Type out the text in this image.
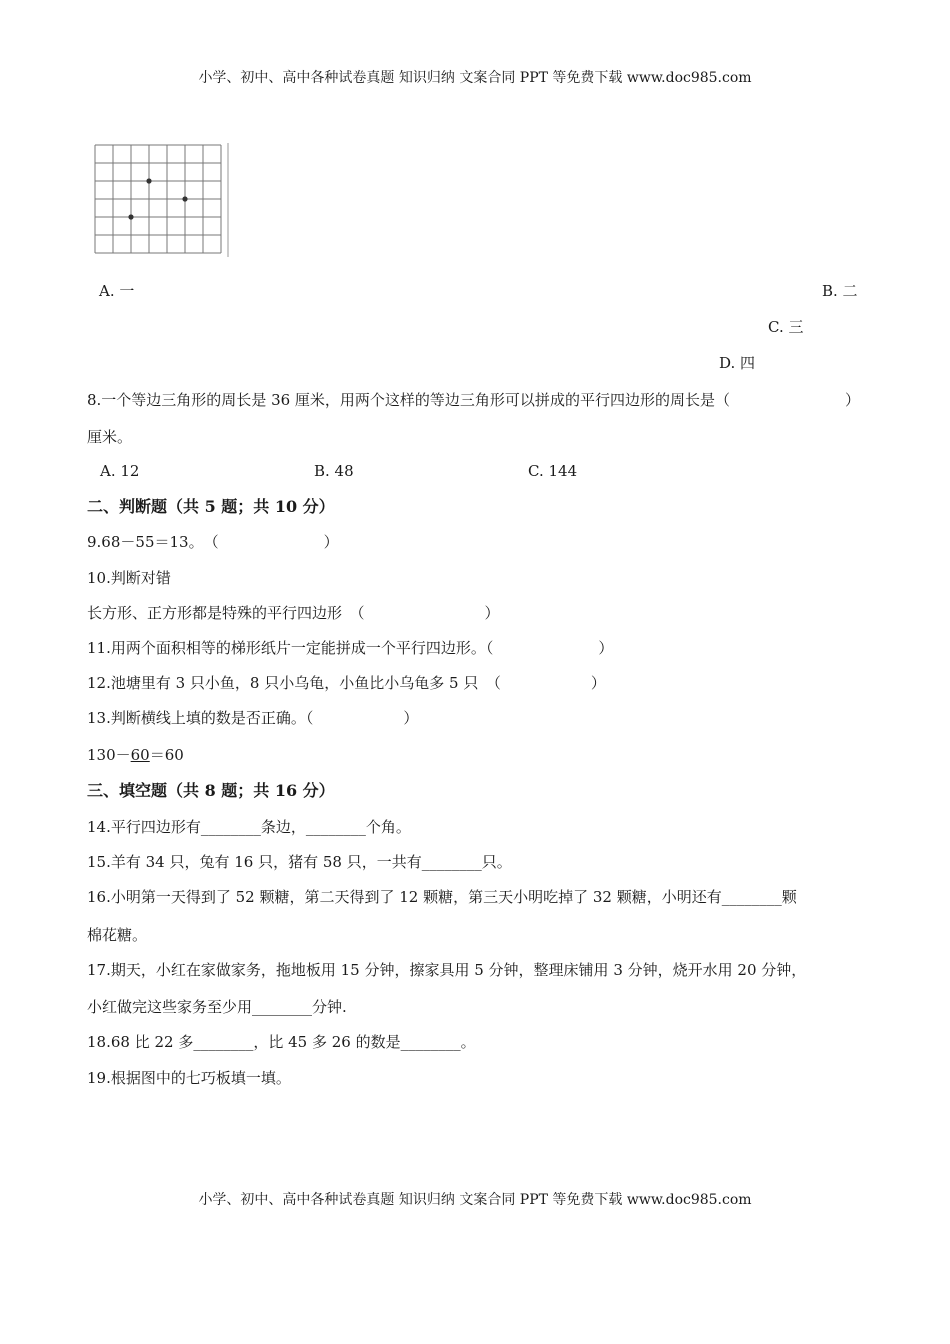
小学、初中、高中各种试卷真题 知识归纳 文案合同 PPT 等免费下载 www.doc985.com
A. 一	B. 二
C. 三
D. 四
8.一个等边三角形的周长是 36 厘米，用两个这样的等边三角形可以拼成的平行四边形的周长是（	）
厘米。
A. 12	B. 48	C. 144
二、判断题（共 5 题；共 10 分）
9.68－55＝13。　（　　　　　　　）
10.判断对错
长方形、正方形都是特殊的平行四边形　（　　　　　　　　）
11.用两个面积相等的梯形纸片一定能拼成一个平行四边形。（　　　　　　　）
12.池塘里有 3 只小鱼，8 只小乌龟，小鱼比小乌龟多 5 只　（　　　　　　）
13.判断横线上填的数是否正确。（　　　　　　）
130－60＝60
三、填空题（共 8 题；共 16 分）
14.平行四边形有________条边，________个角。
15.羊有 34 只，兔有 16 只，猪有 58 只，一共有________只。
16.小明第一天得到了 52 颗糖，第二天得到了 12 颗糖，第三天小明吃掉了 32 颗糖，小明还有________颗
棉花糖。
17.期天，小红在家做家务，拖地板用 15 分钟，擦家具用 5 分钟，整理床铺用 3 分钟，烧开水用 20 分钟，
小红做完这些家务至少用________分钟.
18.68 比 22 多________，比 45 多 26 的数是________。
19.根据图中的七巧板填一填。
小学、初中、高中各种试卷真题 知识归纳 文案合同 PPT 等免费下载 www.doc985.com
